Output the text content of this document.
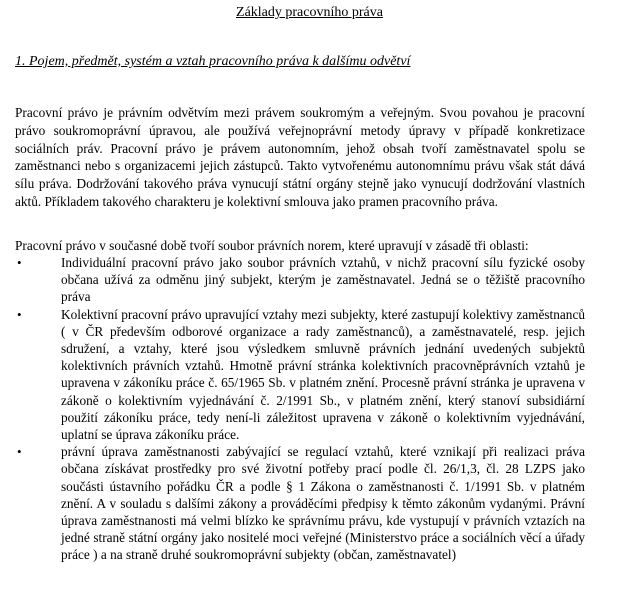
Základy pracovního práva
1. Pojem, předmět, systém a vztah pracovního práva k dalšímu odvětví

Pracovní právo je právním odvětvím mezi právem soukromým a veřejným. Svou povahou je pracovní právo soukromoprávní úpravou, ale používá veřejnoprávní metody úpravy v případě konkretizace sociálních práv. Pracovní právo je právem autonomním, jehož obsah tvoří zaměstnavatel spolu se zaměstnanci nebo s organizacemi jejich zástupců. Takto vytvořenému autonomnímu právu však stát dává sílu práva. Dodržování takového práva vynucují státní orgány stejně jako vynucují dodržování vlastních aktů. Příkladem takového charakteru je kolektivní smlouva jako pramen pracovního práva.

Pracovní právo v současné době tvoří soubor právních norem, které upravují v zásadě tři oblasti:

•	Individuální pracovní právo jako soubor právních vztahů, v nichž pracovní sílu fyzické osoby občana užívá za odměnu jiný subjekt, kterým je zaměstnavatel. Jedná se o těžiště pracovního práva
•	Kolektivní pracovní právo upravující vztahy mezi subjekty, které zastupují kolektivy zaměstnanců ( v ČR především odborové organizace a rady zaměstnanců), a zaměstnavatelé, resp. jejich sdružení, a vztahy, které jsou výsledkem smluvně právních jednání uvedených subjektů kolektivních právních vztahů. Hmotně právní stránka kolektivních pracovněprávních vztahů je upravena v zákoníku práce č. 65/1965 Sb. v platném znění. Procesně právní stránka je upravena v zákoně o kolektivním vyjednávání č. 2/1991 Sb., v platném znění, který stanoví subsidiární použití zákoníku práce, tedy není-li záležitost upravena v zákoně o kolektivním vyjednávání, uplatní se úprava zákoníku práce.
•	právní úprava zaměstnanosti zabývající se regulací vztahů, které vznikají při realizaci práva občana získávat prostředky pro své životní potřeby prací podle čl. 26/1,3, čl. 28 LZPS jako součásti ústavního pořádku ČR a podle § 1 Zákona o zaměstnanosti č. 1/1991 Sb. v platném znění. A v souladu s dalšími zákony a prováděcími předpisy k těmto zákonům vydanými. Právní úprava zaměstnanosti má velmi blízko ke správnímu právu, kde vystupují v právních vztazích na jedné straně státní orgány jako nositelé moci veřejné (Ministerstvo práce a sociálních věcí a úřady práce ) a na straně druhé soukromoprávní subjekty (občan, zaměstnavatel)
